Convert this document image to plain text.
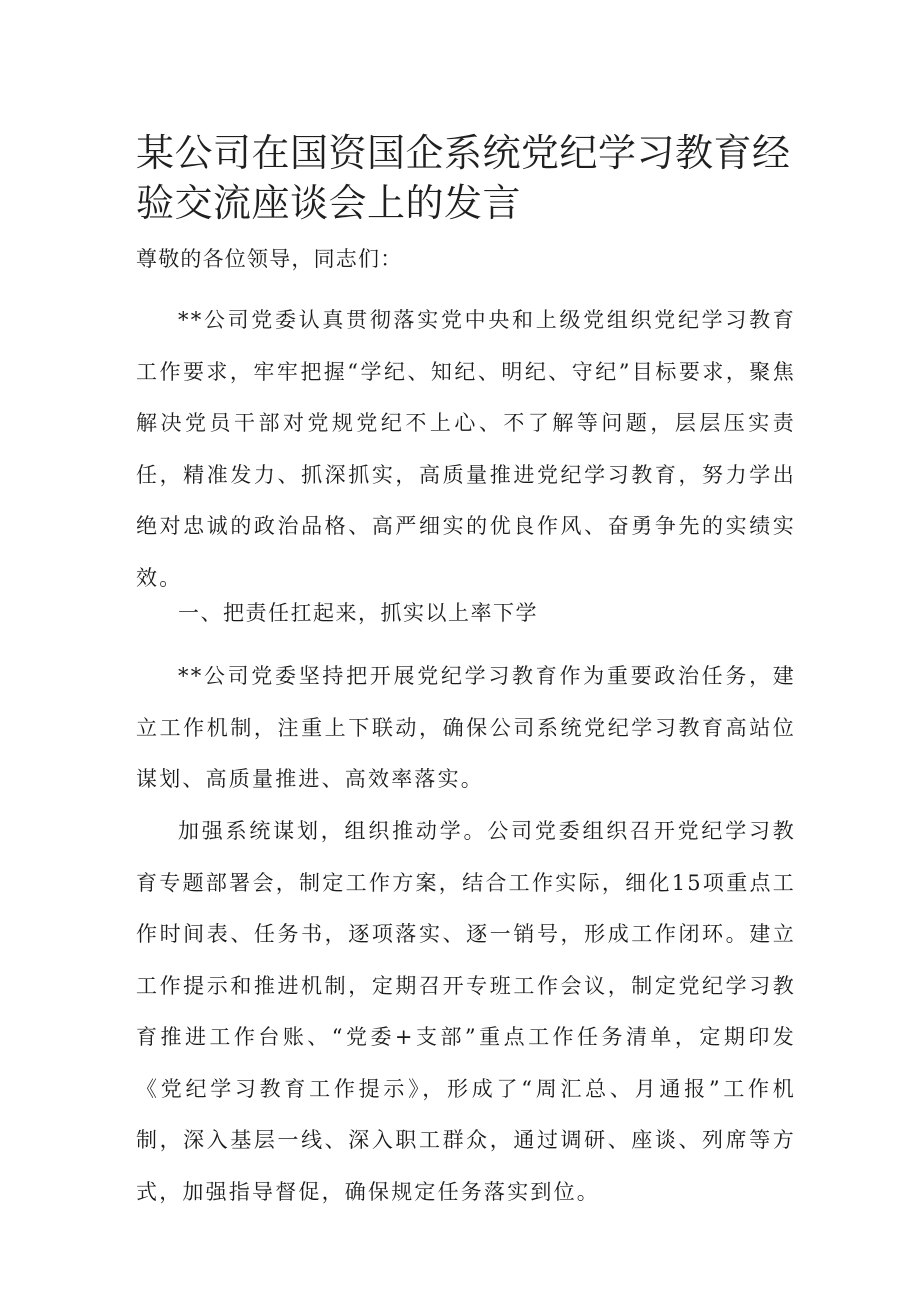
某公司在国资国企系统党纪学习教育经验交流座谈会上的发言

尊敬的各位领导，同志们：

**公司党委认真贯彻落实党中央和上级党组织党纪学习教育工作要求，牢牢把握“学纪、知纪、明纪、守纪”目标要求，聚焦解决党员干部对党规党纪不上心、不了解等问题，层层压实责任，精准发力、抓深抓实，高质量推进党纪学习教育，努力学出绝对忠诚的政治品格、高严细实的优良作风、奋勇争先的实绩实效。

一、把责任扛起来，抓实以上率下学

**公司党委坚持把开展党纪学习教育作为重要政治任务，建立工作机制，注重上下联动，确保公司系统党纪学习教育高站位谋划、高质量推进、高效率落实。

加强系统谋划，组织推动学。公司党委组织召开党纪学习教育专题部署会，制定工作方案，结合工作实际，细化15项重点工作时间表、任务书，逐项落实、逐一销号，形成工作闭环。建立工作提示和推进机制，定期召开专班工作会议，制定党纪学习教育推进工作台账、“党委+支部”重点工作任务清单，定期印发《党纪学习教育工作提示》，形成了“周汇总、月通报”工作机制，深入基层一线、深入职工群众，通过调研、座谈、列席等方式，加强指导督促，确保规定任务落实到位。
